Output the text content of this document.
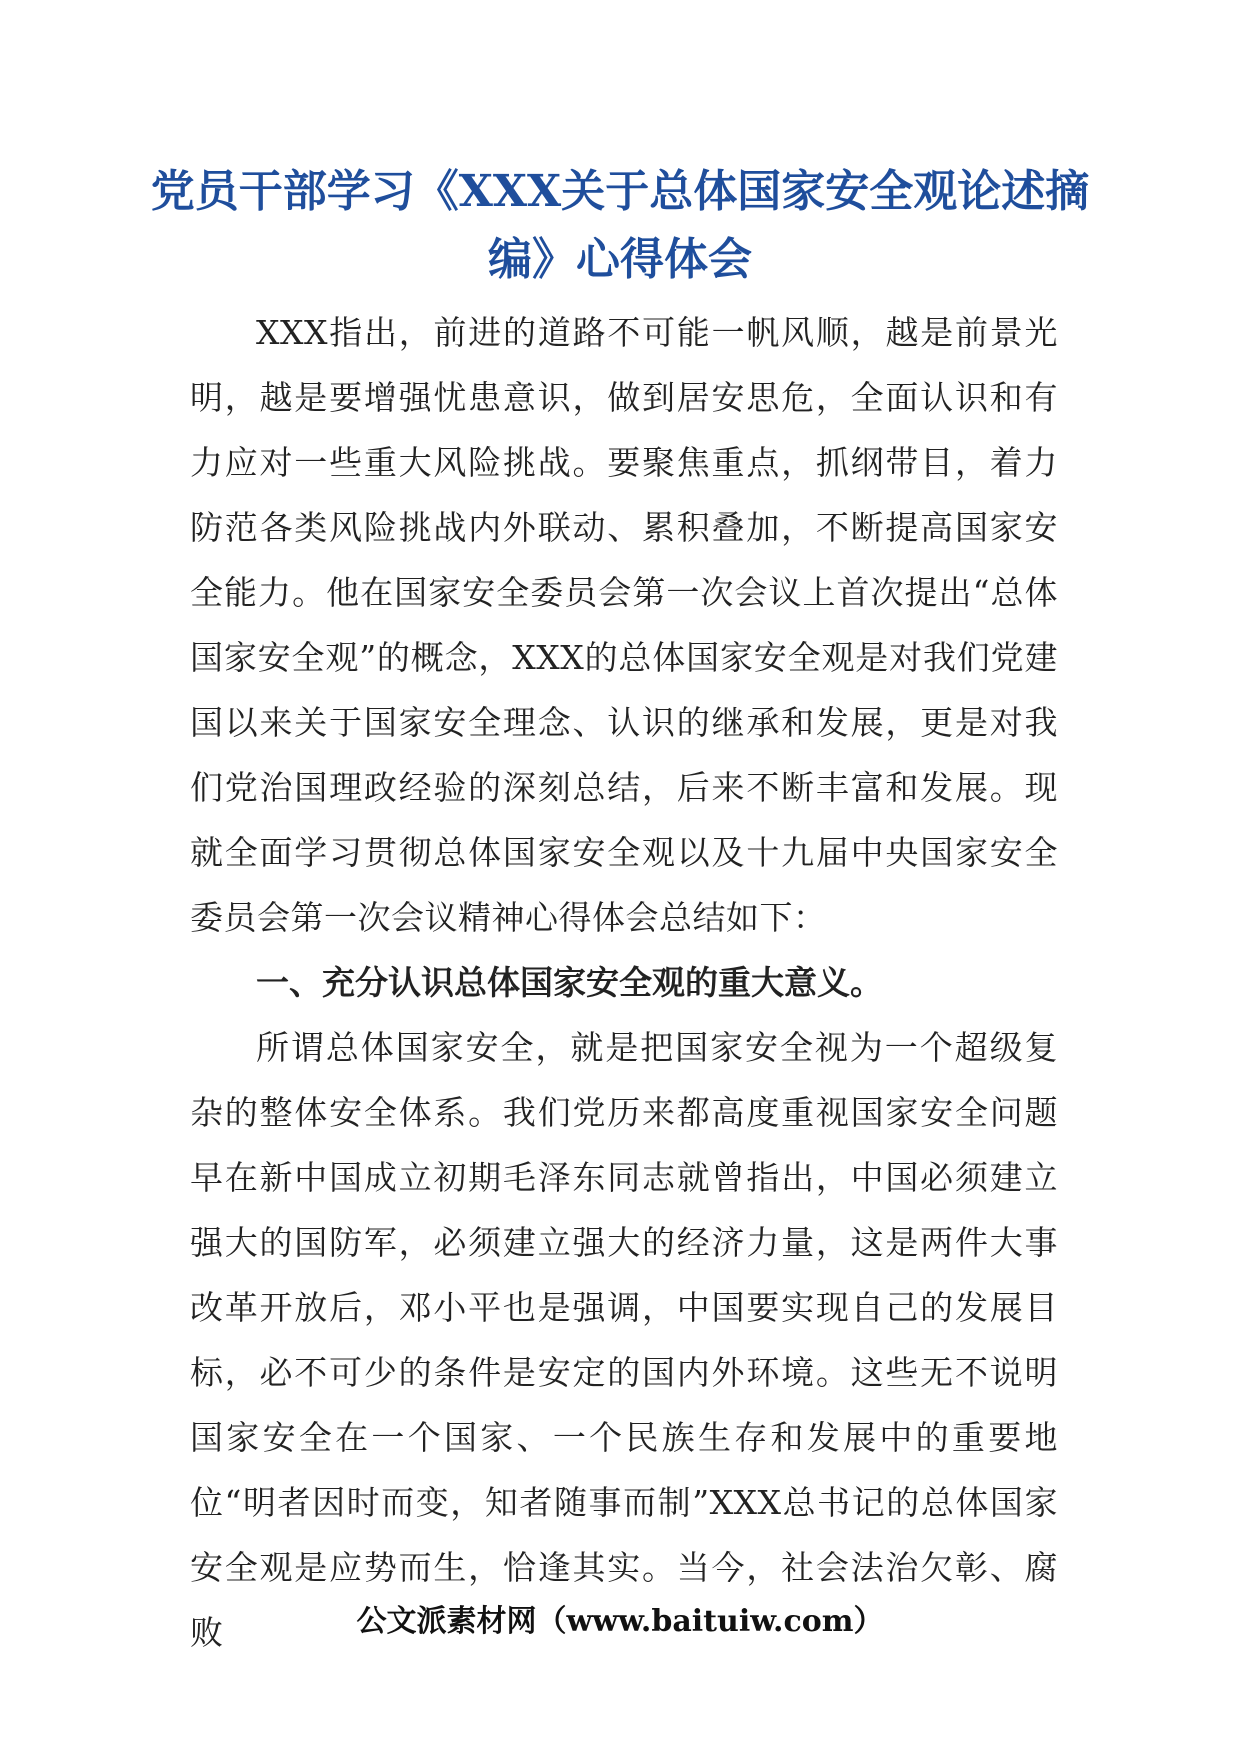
党员干部学习《XXX关于总体国家安全观论述摘编》心得体会

XXX指出，前进的道路不可能一帆风顺，越是前景光明，越是要增强忧患意识，做到居安思危，全面认识和有力应对一些重大风险挑战。要聚焦重点，抓纲带目，着力防范各类风险挑战内外联动、累积叠加，不断提高国家安全能力。他在国家安全委员会第一次会议上首次提出“总体国家安全观”的概念，XXX的总体国家安全观是对我们党建国以来关于国家安全理念、认识的继承和发展，更是对我们党治国理政经验的深刻总结，后来不断丰富和发展。现就全面学习贯彻总体国家安全观以及十九届中央国家安全委员会第一次会议精神心得体会总结如下：

一、充分认识总体国家安全观的重大意义。

所谓总体国家安全，就是把国家安全视为一个超级复杂的整体安全体系。我们党历来都高度重视国家安全问题早在新中国成立初期毛泽东同志就曾指出，中国必须建立强大的国防军，必须建立强大的经济力量，这是两件大事改革开放后，邓小平也是强调，中国要实现自己的发展目标，必不可少的条件是安定的国内外环境。这些无不说明国家安全在一个国家、一个民族生存和发展中的重要地位“明者因时而变，知者随事而制”XXX总书记的总体国家安全观是应势而生，恰逢其实。当今，社会法治欠彰、腐败	公文派素材网（www.baituiw.com）
